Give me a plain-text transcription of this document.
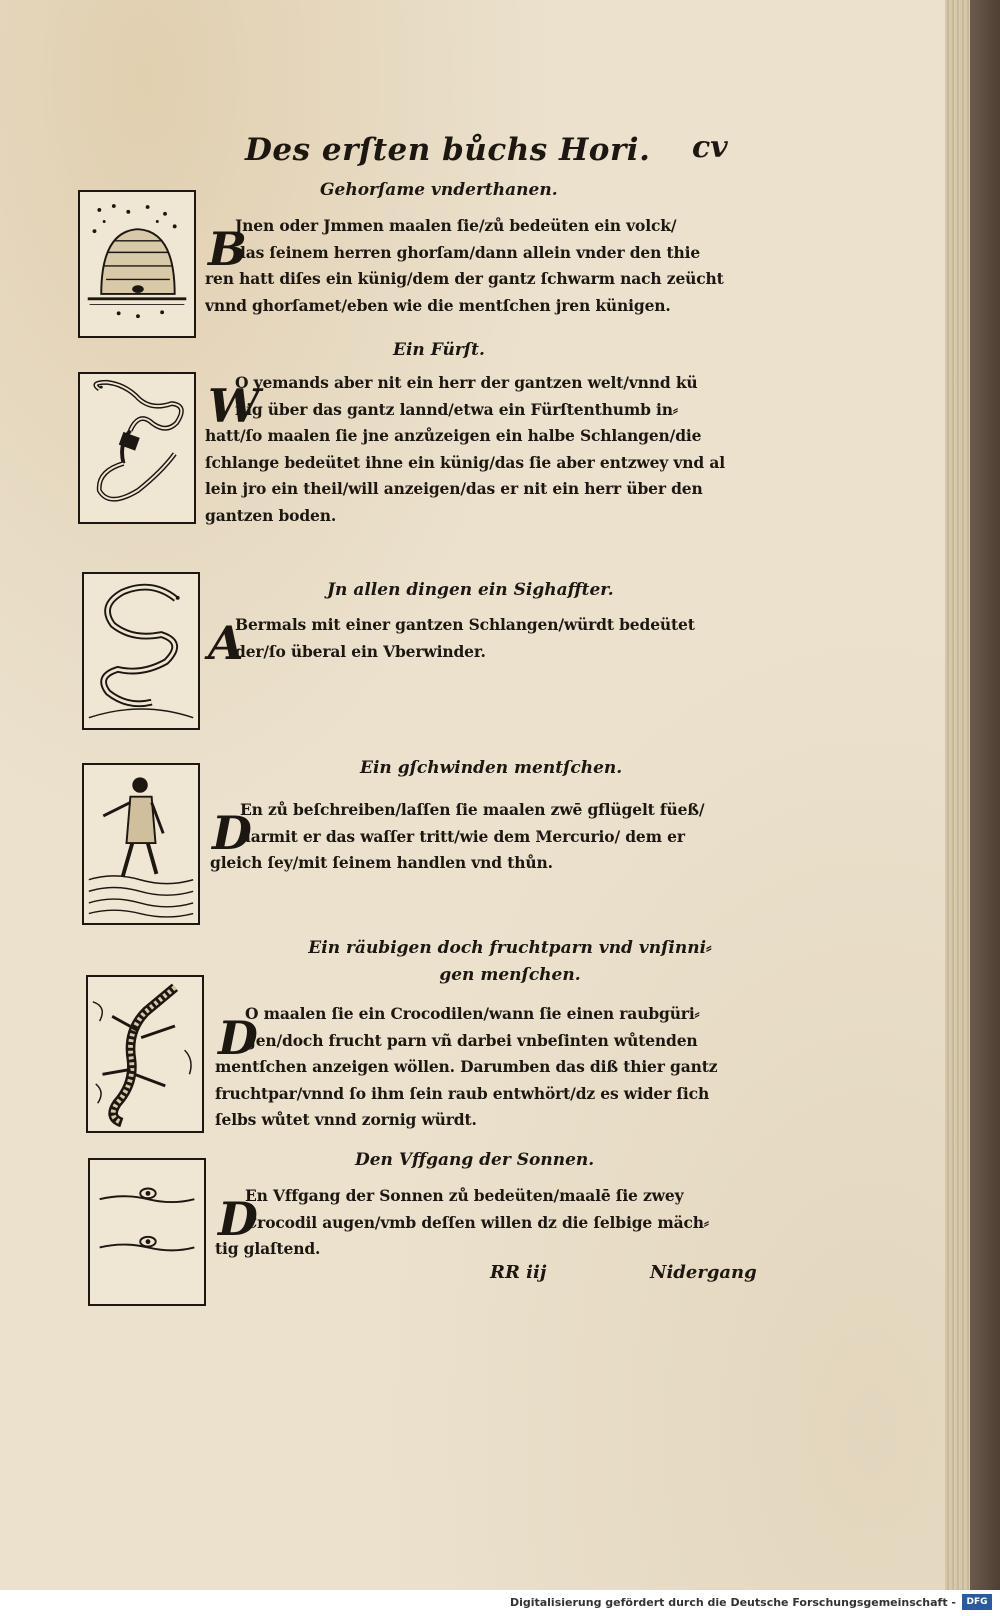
Des erſten bůchs Hori. cv
Gehorſame vnderthanen.
B
Jnen oder Jmmen maalen ſie/zů bedeüten ein volck/
das ſeinem herren ghorſam/dann allein vnder den thie
ren hatt diſes ein künig/dem der gantz ſchwarm nach zeücht
vnnd ghorſamet/eben wie die mentſchen jren künigen.
Ein Fürſt.
W
O yemands aber nit ein herr der gantzen welt/vnnd kü
nig über das gantz lannd/etwa ein Fürſtenthumb in⸗
hatt/ſo maalen ſie jne anzůzeigen ein halbe Schlangen/die
ſchlange bedeütet ihne ein künig/das ſie aber entzwey vnd al
lein jro ein theil/will anzeigen/das er nit ein herr über den
gantzen boden.
Jn allen dingen ein Sighaffter.
A
Bermals mit einer gantzen Schlangen/würdt bedeütet
der/ſo überal ein Vberwinder.
Ein gſchwinden mentſchen.
D
En zů beſchreiben/laſſen ſie maalen zwē gflügelt füeß/
darmit er das waſſer tritt/wie dem Mercurio/ dem er
gleich ſey/mit ſeinem handlen vnd thůn.
Ein räubigen doch fruchtparn vnd vnſinni⸗
gen menſchen.
D
O maalen ſie ein Crocodilen/wann ſie einen raubgüri⸗
gen/doch frucht parn vñ darbei vnbeſinten wůtenden
mentſchen anzeigen wöllen. Darumben das diß thier gantz
fruchtpar/vnnd ſo ihm ſein raub entwhört/dz es wider ſich
ſelbs wůtet vnnd zornig würdt.
Den Vffgang der Sonnen.
D
En Vffgang der Sonnen zů bedeüten/maalē ſie zwey
Crocodil augen/vmb deſſen willen dz die ſelbige mäch⸗
tig glaſtend.
RR iij	Nidergang
Digitalisierung gefördert durch die Deutsche Forschungsgemeinschaft -	DFG
